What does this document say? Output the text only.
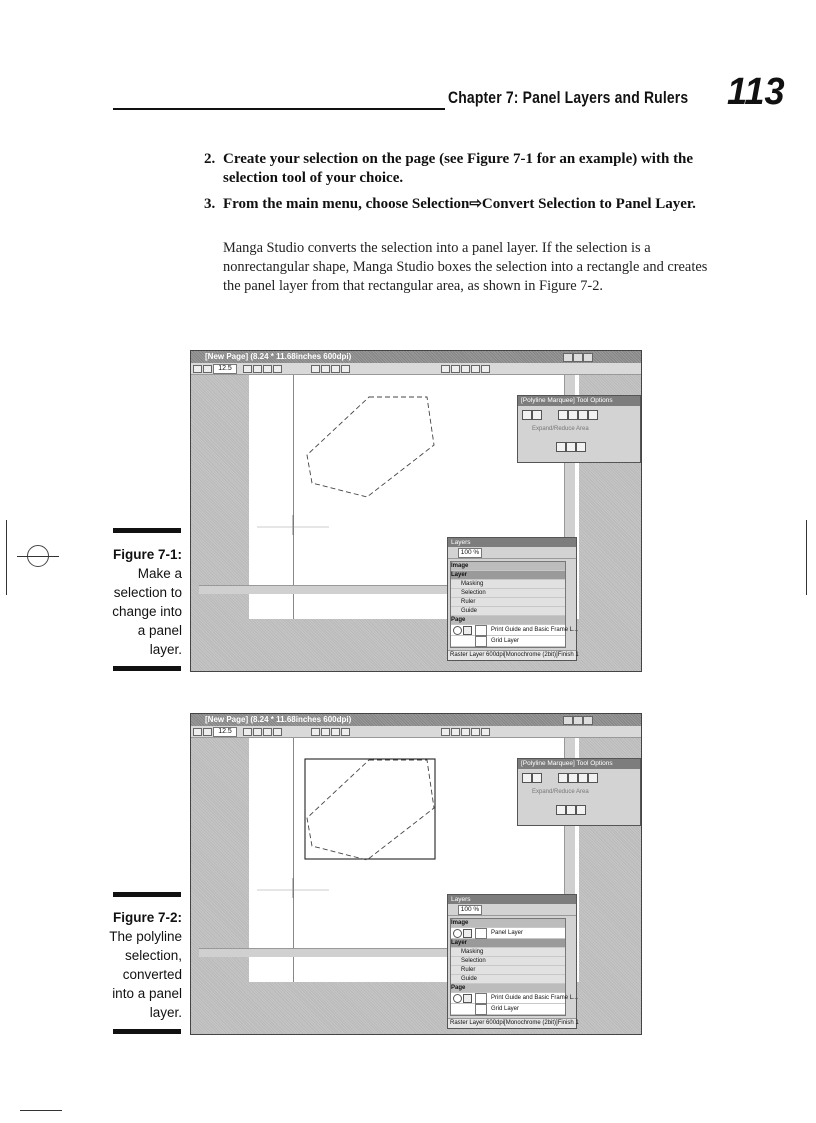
Chapter 7: Panel Layers and Rulers 113
2. Create your selection on the page (see Figure 7-1 for an example) with the selection tool of your choice.
3. From the main menu, choose Selection⇨Convert Selection to Panel Layer.
Manga Studio converts the selection into a panel layer. If the selection is a nonrectangular shape, Manga Studio boxes the selection into a rectangle and creates the panel layer from that rectangular area, as shown in Figure 7-2.
Figure 7-1:
Make a
selection to
change into
a panel
layer.
[New Page] (8.24 * 11.68inches 600dpi)
12.5
[Polyline Marquee] Tool Options
Expand/Reduce Area
Layers
100 %
Image
Layer
Masking
Selection
Ruler
Guide
Page
Print Guide and Basic Frame L...
Grid Layer
Raster Layer 600dpi[Monochrome (2bit)]Finish 1
Figure 7-2:
The polyline
selection,
converted
into a panel
layer.
[New Page] (8.24 * 11.68inches 600dpi)
12.5
[Polyline Marquee] Tool Options
Expand/Reduce Area
Layers
100 %
Image
Panel Layer
Layer
Masking
Selection
Ruler
Guide
Page
Print Guide and Basic Frame L...
Grid Layer
Raster Layer 600dpi[Monochrome (2bit)]Finish 1
